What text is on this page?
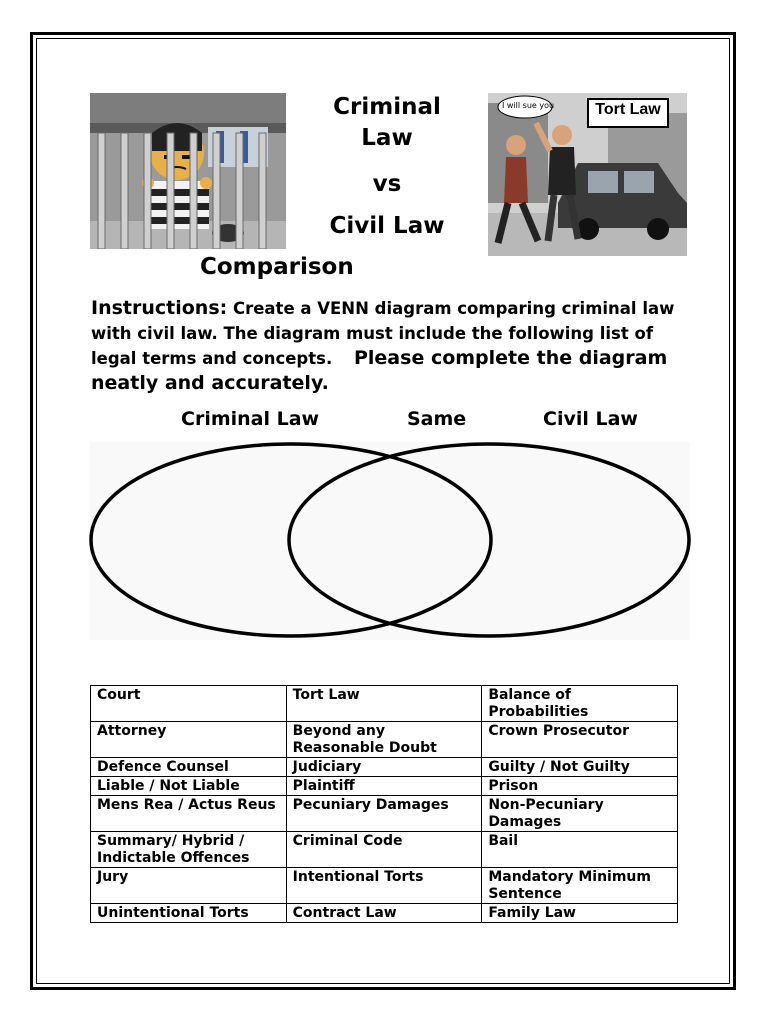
Criminal
Law
vs
Civil Law
Comparison
I will sue you	Tort Law
Instructions: Create a VENN diagram comparing criminal law with civil law. The diagram must include the following list of legal terms and concepts. Please complete the diagram neatly and accurately.
Criminal Law	Same	Civil Law
Court	Tort Law	Balance of Probabilities
Attorney	Beyond any Reasonable Doubt	Crown Prosecutor
Defence Counsel	Judiciary	Guilty / Not Guilty
Liable / Not Liable	Plaintiff	Prison
Mens Rea / Actus Reus	Pecuniary Damages	Non-Pecuniary Damages
Summary/ Hybrid / Indictable Offences	Criminal Code	Bail
Jury	Intentional Torts	Mandatory Minimum Sentence
Unintentional Torts	Contract Law	Family Law
